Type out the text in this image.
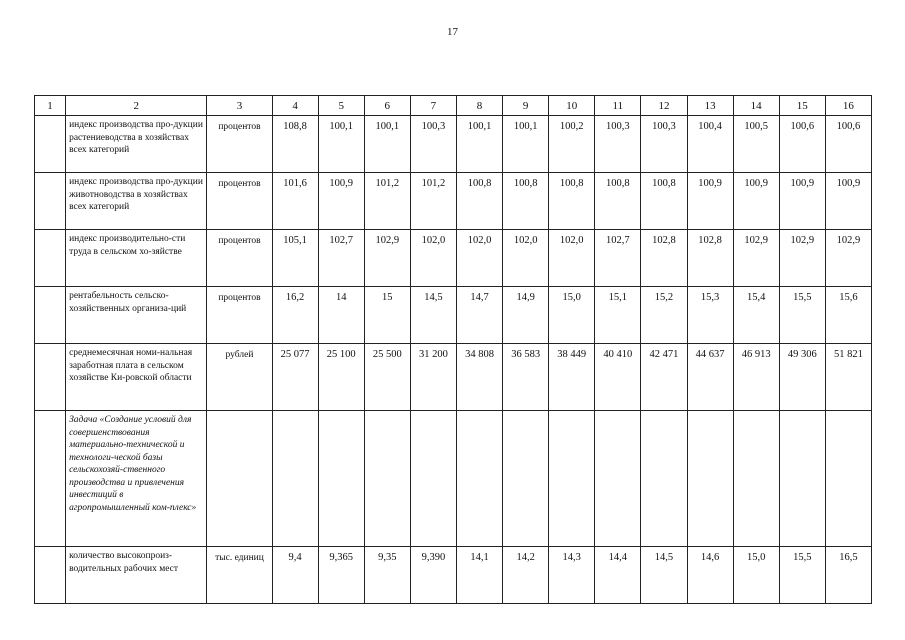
17
1	2	3	4	5	6	7	8	9	10	11	12	13	14	15	16
	индекс производства про-дукции растениеводства в хозяйствах всех категорий	процентов	108,8	100,1	100,1	100,3	100,1	100,1	100,2	100,3	100,3	100,4	100,5	100,6	100,6
	индекс производства про-дукции животноводства в хозяйствах всех категорий	процентов	101,6	100,9	101,2	101,2	100,8	100,8	100,8	100,8	100,8	100,9	100,9	100,9	100,9
	индекс производительно-сти труда в сельском хо-зяйстве	процентов	105,1	102,7	102,9	102,0	102,0	102,0	102,0	102,7	102,8	102,8	102,9	102,9	102,9
	рентабельность сельско-хозяйственных организа-ций	процентов	16,2	14	15	14,5	14,7	14,9	15,0	15,1	15,2	15,3	15,4	15,5	15,6
	среднемесячная номи-нальная заработная плата в сельском хозяйстве Ки-ровской области	рублей	25 077	25 100	25 500	31 200	34 808	36 583	38 449	40 410	42 471	44 637	46 913	49 306	51 821
	Задача «Создание условий для совершенствования материально-технической и технологи-ческой базы сельскохозяй-ственного производства и привлечения инвестиций в агропромышленный ком-плекс»														
	количество высокопроиз-водительных рабочих мест	тыс. единиц	9,4	9,365	9,35	9,390	14,1	14,2	14,3	14,4	14,5	14,6	15,0	15,5	16,5
